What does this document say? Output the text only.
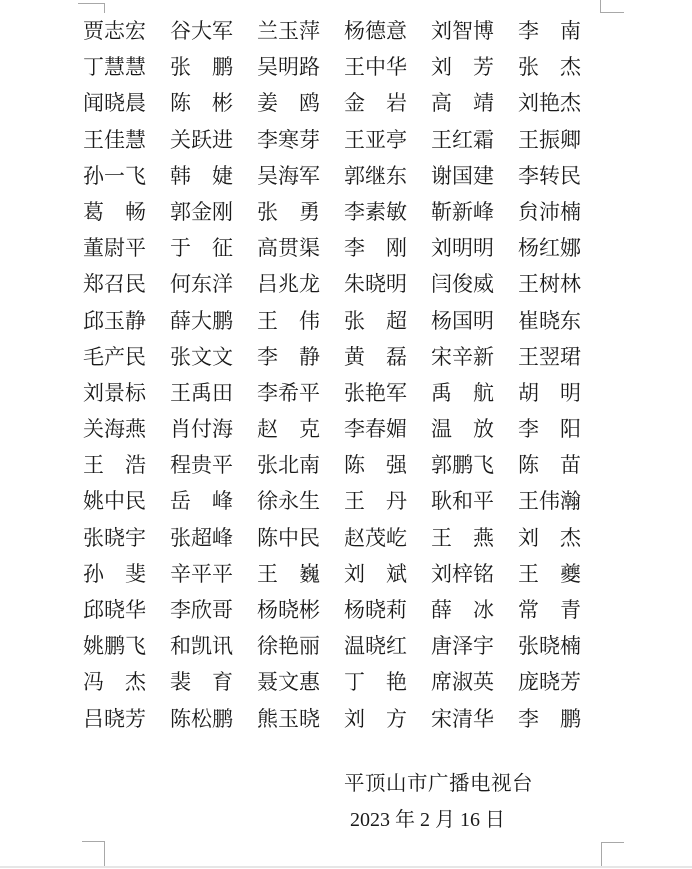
贾志宏	谷大军	兰玉萍	杨德意	刘智博	李　南
丁慧慧	张　鹏	吴明路	王中华	刘　芳	张　杰
闻晓晨	陈　彬	姜　鸥	金　岩	高　靖	刘艳杰
王佳慧	关跃进	李寒芽	王亚亭	王红霜	王振卿
孙一飞	韩　婕	吴海军	郭继东	谢国建	李转民
葛　畅	郭金刚	张　勇	李素敏	靳新峰	贠沛楠
董尉平	于　征	高贯渠	李　刚	刘明明	杨红娜
郑召民	何东洋	吕兆龙	朱晓明	闫俊威	王树林
邱玉静	薛大鹏	王　伟	张　超	杨国明	崔晓东
毛产民	张文文	李　静	黄　磊	宋辛新	王翌珺
刘景标	王禹田	李希平	张艳军	禹　航	胡　明
关海燕	肖付海	赵　克	李春媚	温　放	李　阳
王　浩	程贵平	张北南	陈　强	郭鹏飞	陈　苗
姚中民	岳　峰	徐永生	王　丹	耿和平	王伟瀚
张晓宇	张超峰	陈中民	赵茂屹	王　燕	刘　杰
孙　斐	辛平平	王　巍	刘　斌	刘梓铭	王　夔
邱晓华	李欣哥	杨晓彬	杨晓莉	薛　冰	常　青
姚鹏飞	和凯讯	徐艳丽	温晓红	唐泽宇	张晓楠
冯　杰	裴　育	聂文惠	丁　艳	席淑英	庞晓芳
吕晓芳	陈松鹏	熊玉晓	刘　方	宋清华	李　鹏
平顶山市广播电视台
2023 年 2 月 16 日
